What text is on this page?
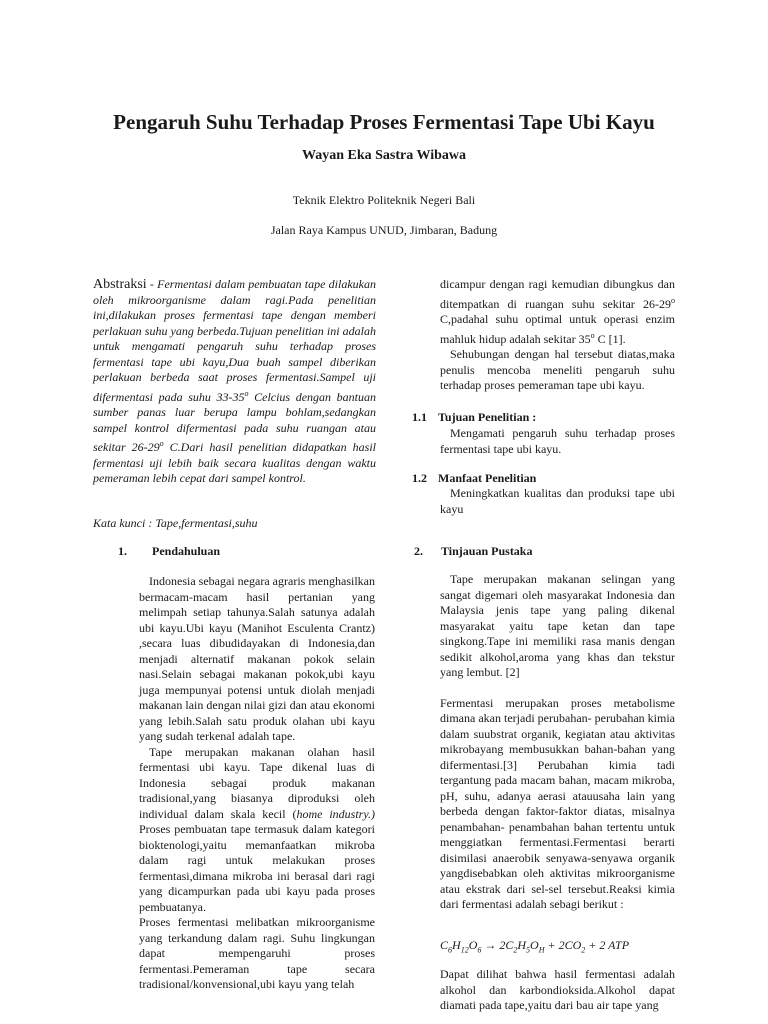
Pengaruh Suhu Terhadap Proses Fermentasi Tape Ubi Kayu
Wayan Eka Sastra Wibawa
Teknik Elektro Politeknik Negeri Bali
Jalan Raya Kampus UNUD, Jimbaran, Badung
Abstraksi - Fermentasi dalam pembuatan tape dilakukan oleh mikroorganisme dalam ragi.Pada penelitian ini,dilakukan proses fermentasi tape dengan memberi perlakuan suhu yang berbeda.Tujuan penelitian ini adalah untuk mengamati pengaruh suhu terhadap proses fermentasi tape ubi kayu,Dua buah sampel diberikan perlakuan berbeda saat proses fermentasi.Sampel uji difermentasi pada suhu 33-35$^o$ Celcius dengan bantuan sumber panas luar berupa lampu bohlam,sedangkan sampel kontrol difermentasi pada suhu ruangan atau sekitar 26-29$^o$ C.Dari hasil penelitian didapatkan hasil fermentasi uji lebih baik secara kualitas dengan waktu pemeraman lebih cepat dari sampel kontrol.
Kata kunci : Tape,fermentasi,suhu
1. Pendahuluan

Indonesia sebagai negara agraris menghasilkan bermacam-macam hasil pertanian yang melimpah setiap tahunya.Salah satunya adalah ubi kayu.Ubi kayu (Manihot Esculenta Crantz) ,secara luas dibudidayakan di Indonesia,dan menjadi alternatif makanan pokok selain nasi.Selain sebagai makanan pokok,ubi kayu juga mempunyai potensi untuk diolah menjadi makanan lain dengan nilai gizi dan atau ekonomi yang lebih.Salah satu produk olahan ubi kayu yang sudah terkenal adalah tape.

Tape merupakan makanan olahan hasil fermentasi ubi kayu. Tape dikenal luas di Indonesia sebagai produk makanan tradisional,yang biasanya diproduksi oleh individual dalam skala kecil (home industry.) Proses pembuatan tape termasuk dalam kategori bioktenologi,yaitu memanfaatkan mikroba dalam ragi untuk melakukan proses fermentasi,dimana mikroba ini berasal dari ragi yang dicampurkan pada ubi kayu pada proses pembuatanya.

Proses fermentasi melibatkan mikroorganisme yang terkandung dalam ragi. Suhu lingkungan dapat mempengaruhi proses fermentasi.Pemeraman tape secara tradisional/konvensional,ubi kayu yang telah

dicampur dengan ragi kemudian dibungkus dan ditempatkan di ruangan suhu sekitar 26-29$^o$ C,padahal suhu optimal untuk operasi enzim mahluk hidup adalah sekitar 35$^o$ C [1].

Sehubungan dengan hal tersebut diatas,maka penulis mencoba meneliti pengaruh suhu terhadap proses pemeraman tape ubi kayu.

1.1 Tujuan Penelitian :

Mengamati pengaruh suhu terhadap proses fermentasi tape ubi kayu.

1.2 Manfaat Penelitian

Meningkatkan kualitas dan produksi tape ubi kayu

2. Tinjauan Pustaka

Tape merupakan makanan selingan yang sangat digemari oleh masyarakat Indonesia dan Malaysia jenis tape yang paling dikenal masyarakat yaitu tape ketan dan tape singkong.Tape ini memiliki rasa manis dengan sedikit alkohol,aroma yang khas dan tekstur yang lembut. [2]

Fermentasi merupakan proses metabolisme dimana akan terjadi perubahan- perubahan kimia dalam suubstrat organik, kegiatan atau aktivitas mikrobayang membusukkan bahan-bahan yang difermentasi.[3] Perubahan kimia tadi tergantung pada macam bahan, macam mikroba, pH, suhu, adanya aerasi atauusaha lain yang berbeda dengan faktor-faktor diatas, misalnya penambahan- penambahan bahan tertentu untuk menggiatkan fermentasi.Fermentasi berarti disimilasi anaerobik senyawa-senyawa organik yangdisebabkan oleh aktivitas mikroorganisme atau ekstrak dari sel-sel tersebut.Reaksi kimia dari fermentasi adalah sebagi berikut :

$C_6H_{12}O_6 \to 2C_2H_5O_H + 2CO_2 + 2$ ATP

Dapat dilihat bahwa hasil fermentasi adalah alkohol dan karbondioksida.Alkohol dapat diamati pada tape,yaitu dari bau air tape yang
